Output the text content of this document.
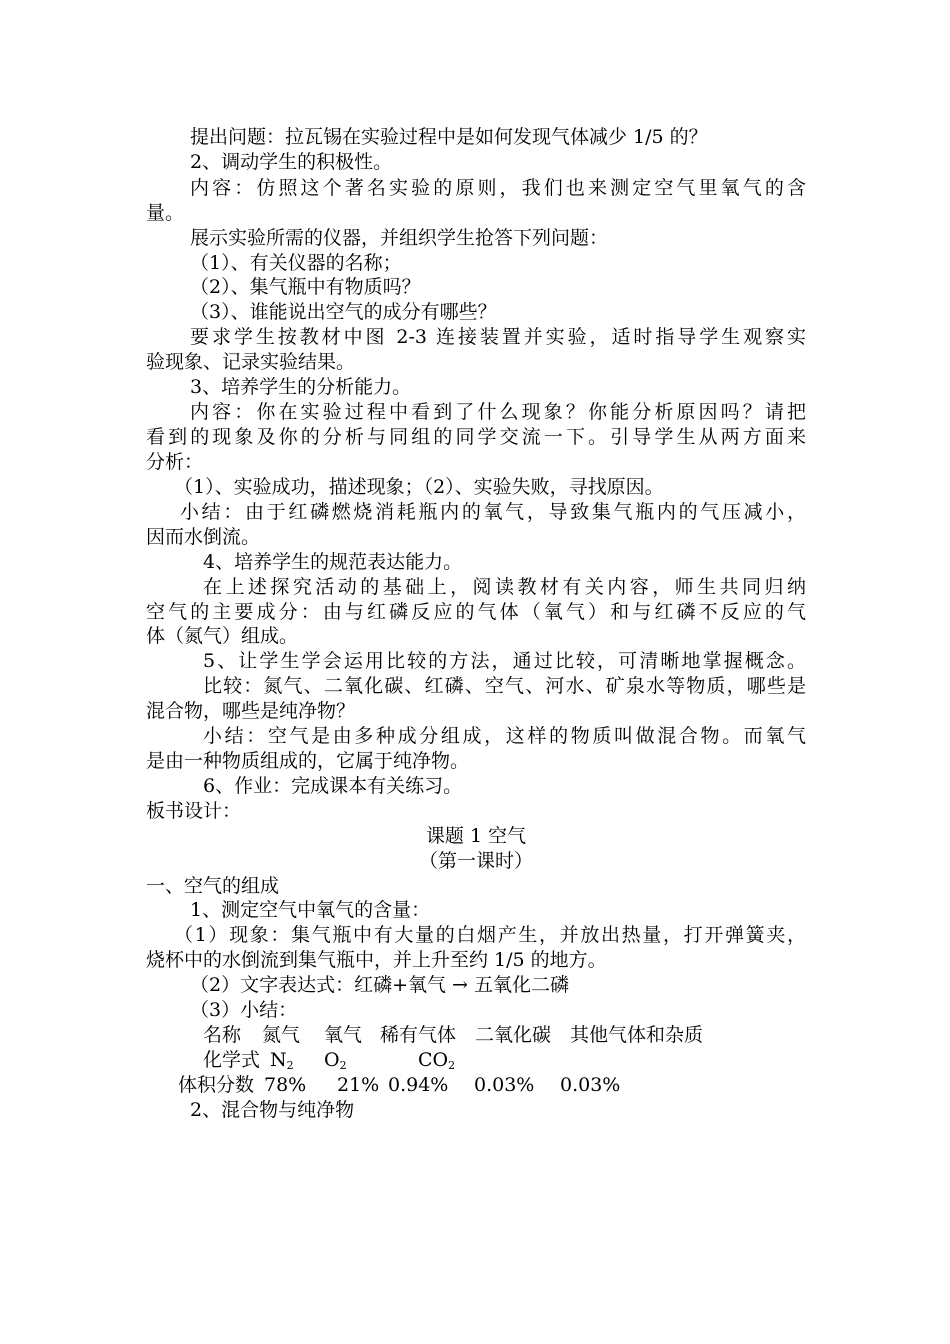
提出问题：拉瓦锡在实验过程中是如何发现气体减少 1/5 的？
2、调动学生的积极性。
内容：仿照这个著名实验的原则，我们也来测定空气里氧气的含
量。
展示实验所需的仪器，并组织学生抢答下列问题：
（1）、有关仪器的名称；
（2）、集气瓶中有物质吗？
（3）、谁能说出空气的成分有哪些？
要求学生按教材中图 2-3 连接装置并实验，适时指导学生观察实
验现象、记录实验结果。
3、培养学生的分析能力。
内容：你在实验过程中看到了什么现象？你能分析原因吗？请把
看到的现象及你的分析与同组的同学交流一下。引导学生从两方面来
分析：
（1）、实验成功，描述现象；（2）、实验失败，寻找原因。
小结：由于红磷燃烧消耗瓶内的氧气，导致集气瓶内的气压减小，
因而水倒流。
4、培养学生的规范表达能力。
在上述探究活动的基础上，阅读教材有关内容，师生共同归纳
空气的主要成分：由与红磷反应的气体（氧气）和与红磷不反应的气
体（氮气）组成。
5、让学生学会运用比较的方法，通过比较，可清晰地掌握概念。
比较：氮气、二氧化碳、红磷、空气、河水、矿泉水等物质，哪些是
混合物，哪些是纯净物？
小结：空气是由多种成分组成，这样的物质叫做混合物。而氧气
是由一种物质组成的，它属于纯净物。
6、作业：完成课本有关练习。
板书设计：
课题 1 空气
（第一课时）
一、空气的组成
1、测定空气中氧气的含量：
（1）现象：集气瓶中有大量的白烟产生，并放出热量，打开弹簧夹，
烧杯中的水倒流到集气瓶中，并上升至约 1/5 的地方。
（2）文字表达式：红磷+氧气 → 五氧化二磷
（3）小结：
名称 氮气 氧气 稀有气体 二氧化碳 其他气体和杂质
化学式 $N_2$ $O_2$	$CO_2$
体积分数 78% 21% 0.94% 0.03% 0.03%
2、混合物与纯净物
